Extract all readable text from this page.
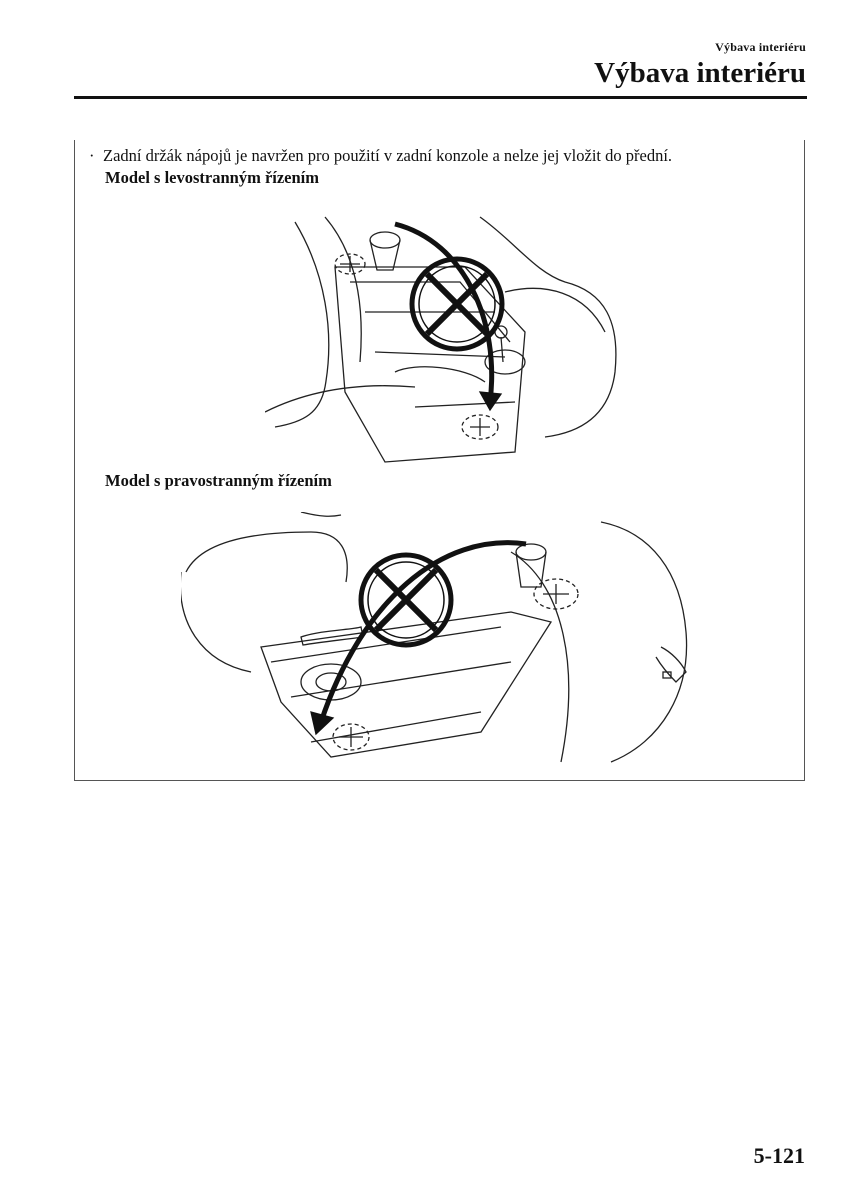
Výbava interiéru
Výbava interiéru
· Zadní držák nápojů je navržen pro použití v zadní konzole a nelze jej vložit do přední.
Model s levostranným řízením
Model s pravostranným řízením
5-121
